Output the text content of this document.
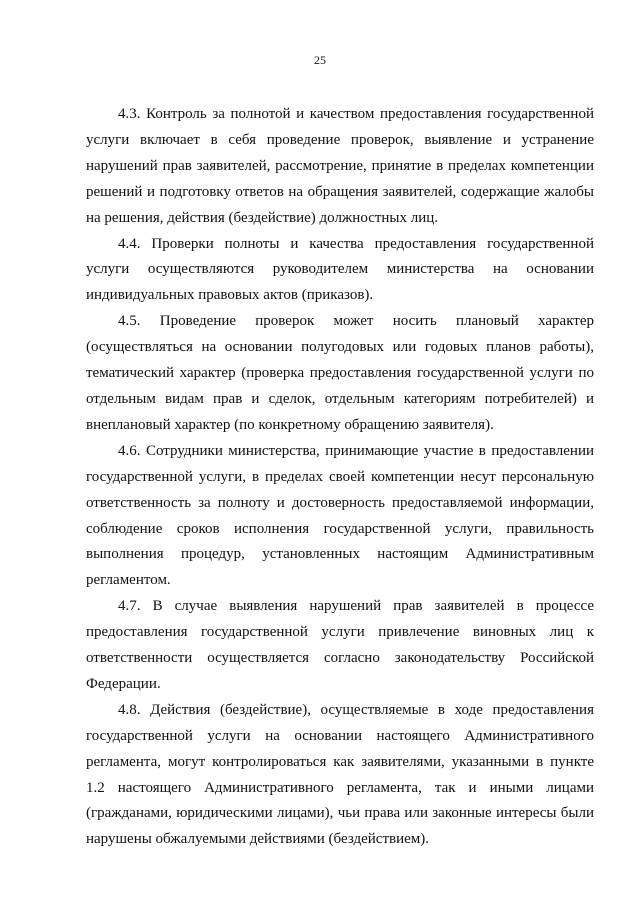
25

4.3. Контроль за полнотой и качеством предоставления государственной услуги включает в себя проведение проверок, выявление и устранение нарушений прав заявителей, рассмотрение, принятие в пределах компетенции решений и подготовку ответов на обращения заявителей, содержащие жалобы на решения, действия (бездействие) должностных лиц.

4.4. Проверки полноты и качества предоставления государственной услуги осуществляются руководителем министерства на основании индивидуальных правовых актов (приказов).

4.5. Проведение проверок может носить плановый характер (осуществляться на основании полугодовых или годовых планов работы), тематический характер (проверка предоставления государственной услуги по отдельным видам прав и сделок, отдельным категориям потребителей) и внеплановый характер (по конкретному обращению заявителя).

4.6. Сотрудники министерства, принимающие участие в предоставлении государственной услуги, в пределах своей компетенции несут персональную ответственность за полноту и достоверность предоставляемой информации, соблюдение сроков исполнения государственной услуги, правильность выполнения процедур, установленных настоящим Административным регламентом.

4.7. В случае выявления нарушений прав заявителей в процессе предоставления государственной услуги привлечение виновных лиц к ответственности осуществляется согласно законодательству Российской Федерации.

4.8. Действия (бездействие), осуществляемые в ходе предоставления государственной услуги на основании настоящего Административного регламента, могут контролироваться как заявителями, указанными в пункте 1.2 настоящего Административного регламента, так и иными лицами (гражданами, юридическими лицами), чьи права или законные интересы были нарушены обжалуемыми действиями (бездействием).
